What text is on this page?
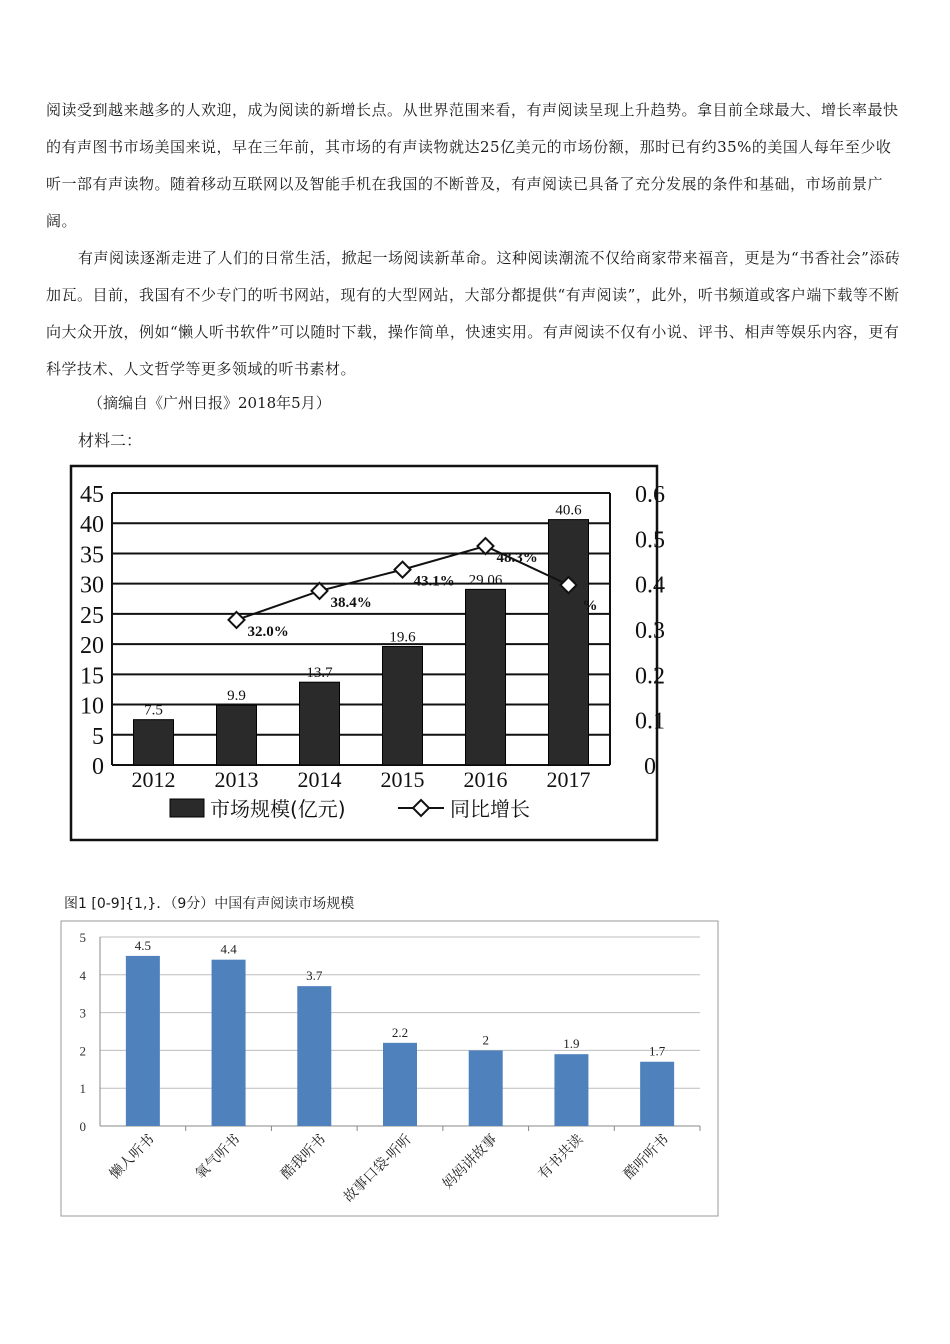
阅读受到越来越多的人欢迎，成为阅读的新增长点。从世界范围来看，有声阅读呈现上升趋势。拿目前全球最大、增长率最快的有声图书市场美国来说，早在三年前，其市场的有声读物就达25亿美元的市场份额，那时已有约35%的美国人每年至少收听一部有声读物。随着移动互联网以及智能手机在我国的不断普及，有声阅读已具备了充分发展的条件和基础，市场前景广阔。

有声阅读逐渐走进了人们的日常生活，掀起一场阅读新革命。这种阅读潮流不仅给商家带来福音，更是为“书香社会”添砖加瓦。目前，我国有不少专门的听书网站，现有的大型网站，大部分都提供“有声阅读”，此外，听书频道或客户端下载等不断向大众开放，例如“懒人听书软件”可以随时下载，操作简单，快速实用。有声阅读不仅有小说、评书、相声等娱乐内容，更有科学技术、人文哲学等更多领域的听书素材。

（摘编自《广州日报》2018年5月）
材料二：
0
5
10
15
20
25
30
35
40
45
0
0.1
0.2
0.3
0.4
0.5
0.6
7.5
2012
9.9
2013
13.7
2014
19.6
2015
29.06
2016
40.6
2017
32.0%
38.4%
43.1%
48.3%
%
市场规模(亿元)	同比增长
图1 [0-9]{1,}．（9分）中国有声阅读市场规模
0
1
2
3
4
5
4.5
懒人听书
4.4
氧气听书
3.7
酷我听书
2.2
故事口袋-听听
2
妈妈讲故事
1.9
有书共读
1.7
酷听听书
